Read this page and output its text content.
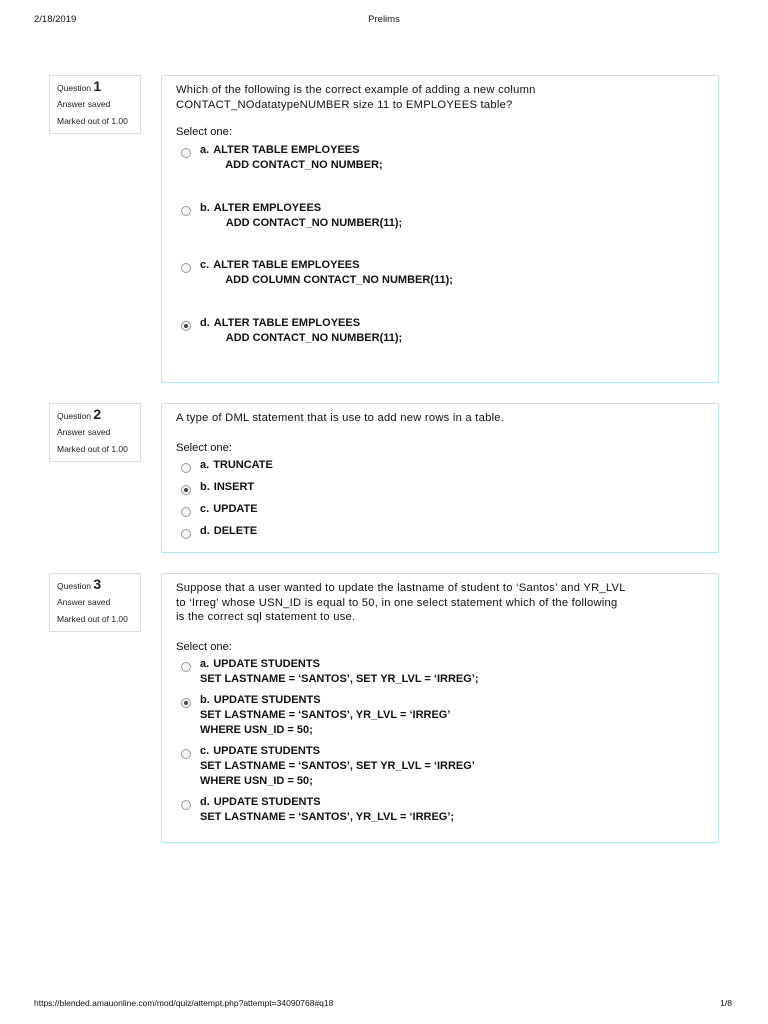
2/18/2019	Prelims
Question 1
Answer saved
Marked out of 1.00
Which of the following is the correct example of adding a new column
CONTACT_NOdatatypeNUMBER size 11 to EMPLOYEES table?
Select one:
a. ALTER TABLE EMPLOYEES
ADD CONTACT_NO NUMBER;
b. ALTER EMPLOYEES
ADD CONTACT_NO NUMBER(11);
c. ALTER TABLE EMPLOYEES
ADD COLUMN CONTACT_NO NUMBER(11);
d. ALTER TABLE EMPLOYEES
ADD CONTACT_NO NUMBER(11);
Question 2
Answer saved
Marked out of 1.00
A type of DML statement that is use to add new rows in a table.
Select one:
a. TRUNCATE
b. INSERT
c. UPDATE
d. DELETE
Question 3
Answer saved
Marked out of 1.00
Suppose that a user wanted to update the lastname of student to ‘Santos’ and YR_LVL
to ‘Irreg’ whose USN_ID is equal to 50, in one select statement which of the following
is the correct sql statement to use.
Select one:
a. UPDATE STUDENTS
SET LASTNAME = ‘SANTOS’, SET YR_LVL = ‘IRREG’;
b. UPDATE STUDENTS
SET LASTNAME = ‘SANTOS’, YR_LVL = ‘IRREG’
WHERE USN_ID = 50;
c. UPDATE STUDENTS
SET LASTNAME = ‘SANTOS’, SET YR_LVL = ‘IRREG’
WHERE USN_ID = 50;
d. UPDATE STUDENTS
SET LASTNAME = ‘SANTOS’, YR_LVL = ‘IRREG’;
https://blended.amauonline.com/mod/quiz/attempt.php?attempt=34090768#q18	1/8
